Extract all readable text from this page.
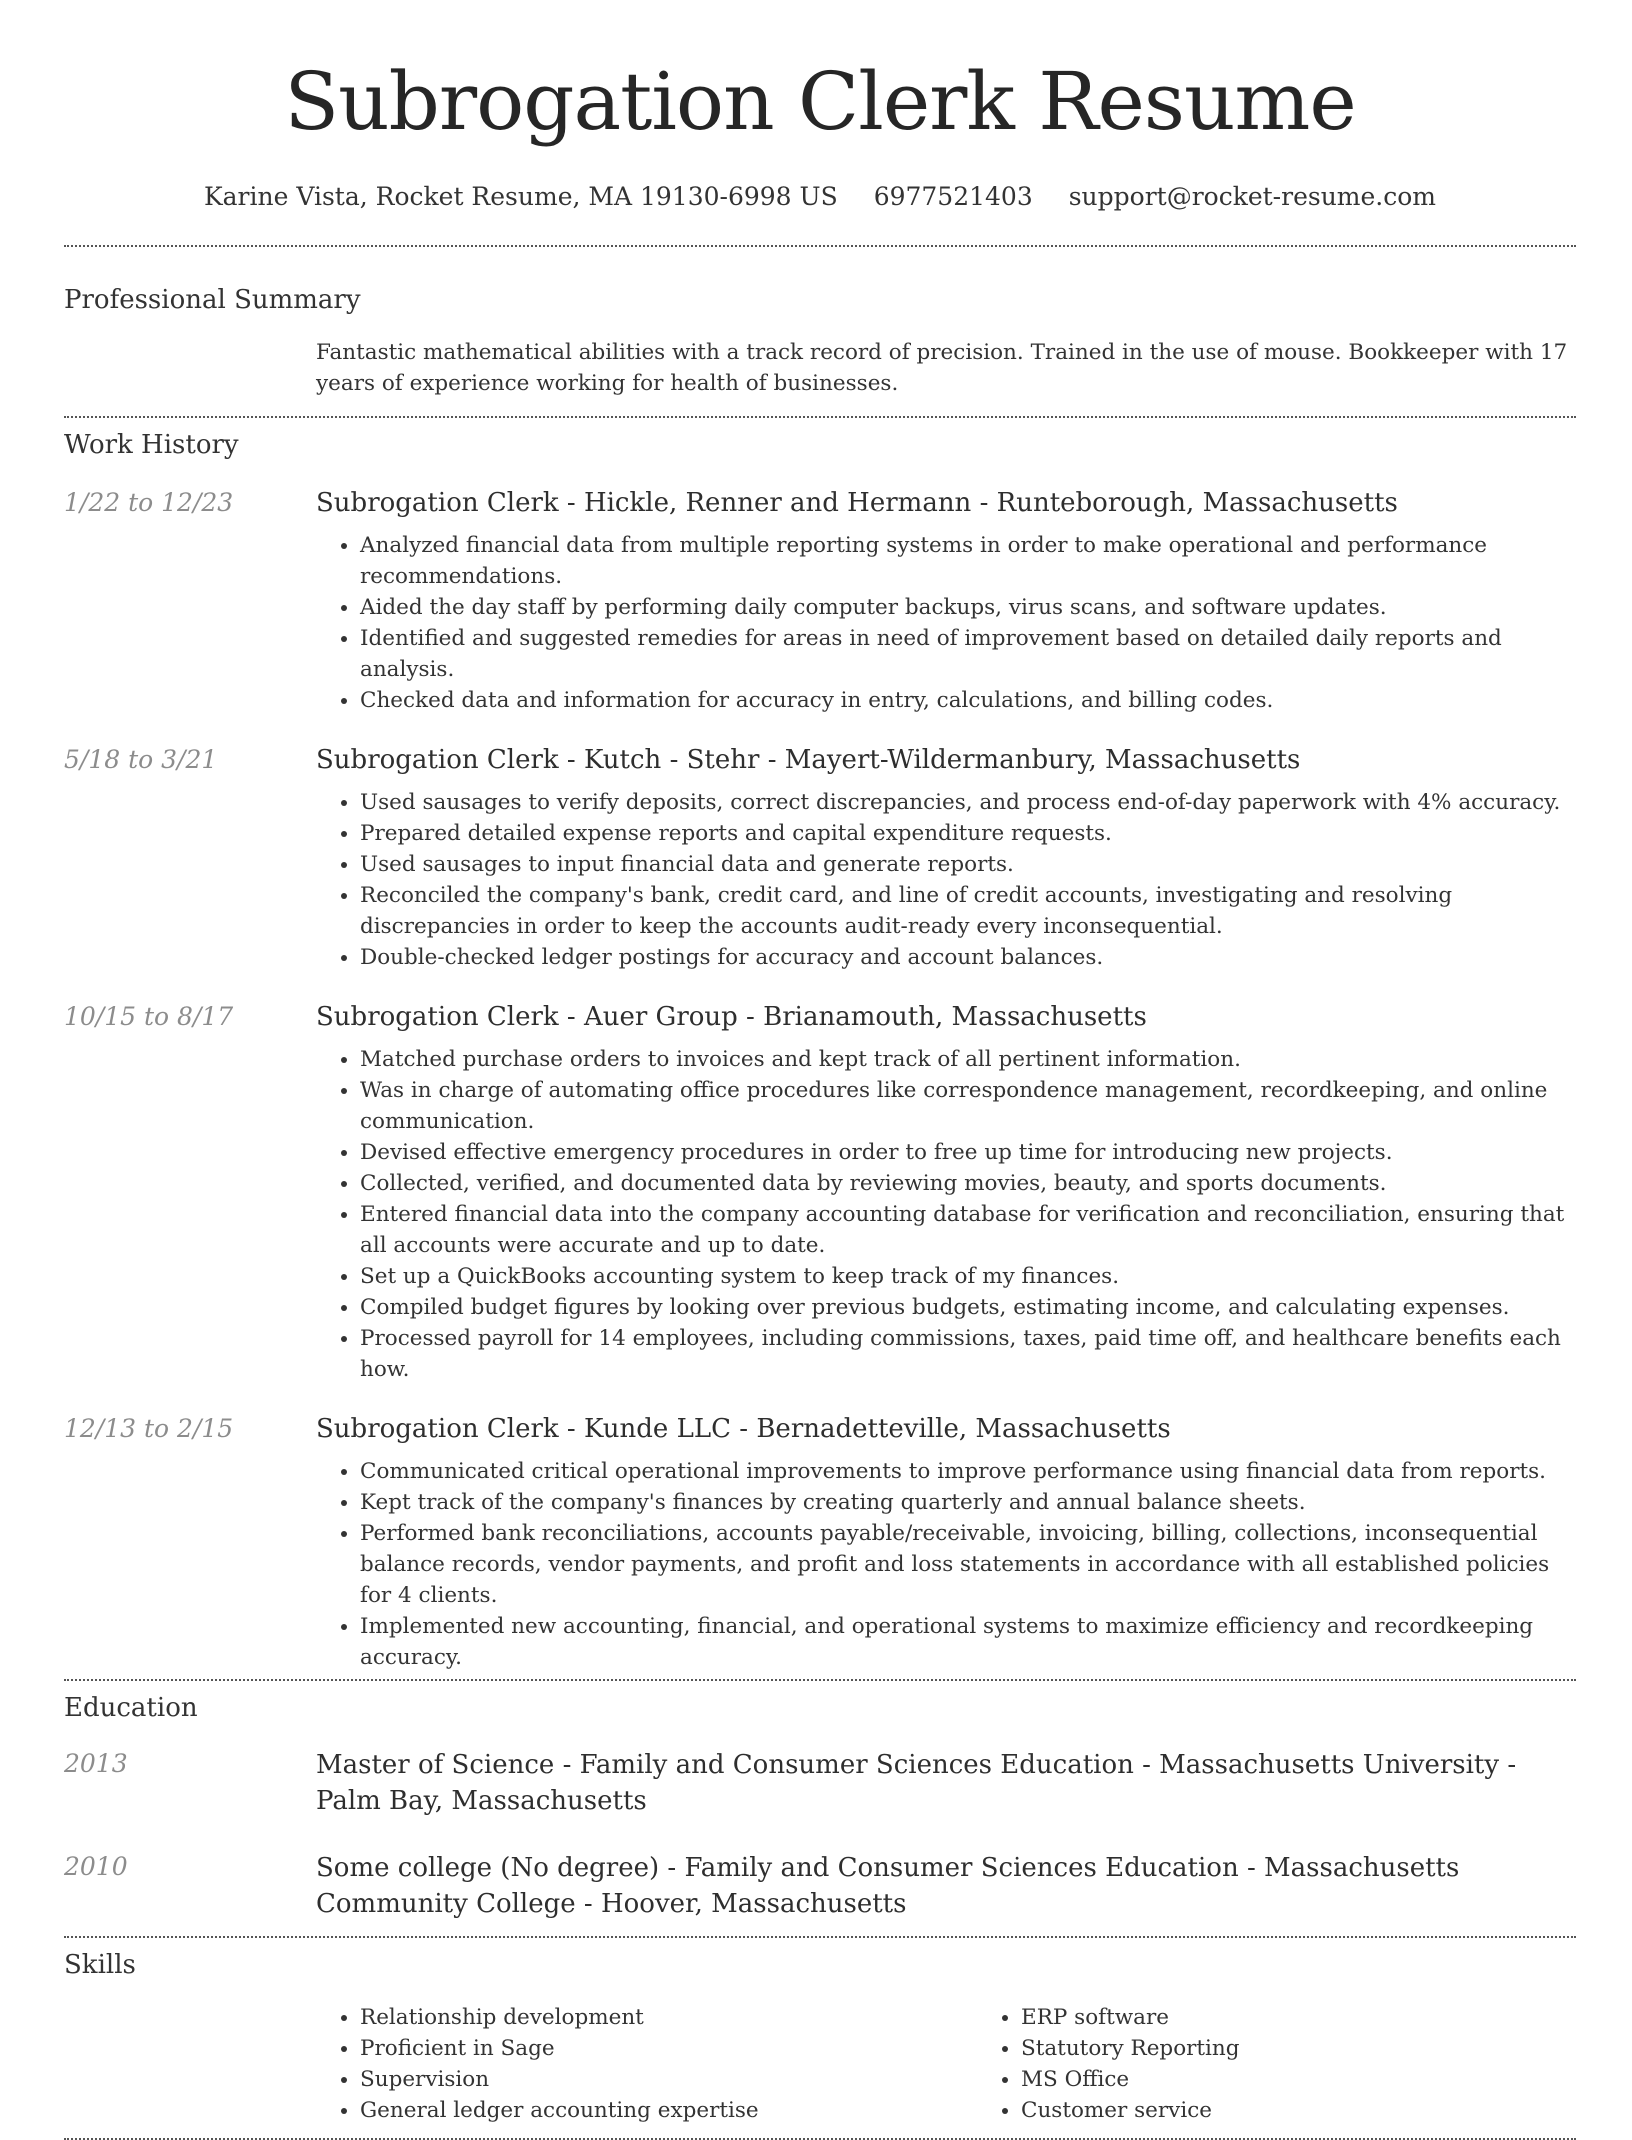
Subrogation Clerk Resume
Karine Vista, Rocket Resume, MA 19130-6998 US 6977521403 support@rocket-resume.com
Professional Summary

Fantastic mathematical abilities with a track record of precision. Trained in the use of mouse. Bookkeeper with 17 years of experience working for health of businesses.

Work History
1/22 to 12/23	Subrogation Clerk - Hickle, Renner and Hermann - Runteborough, Massachusetts

• Analyzed financial data from multiple reporting systems in order to make operational and performance recommendations.
• Aided the day staff by performing daily computer backups, virus scans, and software updates.
• Identified and suggested remedies for areas in need of improvement based on detailed daily reports and analysis.
• Checked data and information for accuracy in entry, calculations, and billing codes.
5/18 to 3/21	Subrogation Clerk - Kutch - Stehr - Mayert-Wildermanbury, Massachusetts

• Used sausages to verify deposits, correct discrepancies, and process end-of-day paperwork with 4% accuracy.
• Prepared detailed expense reports and capital expenditure requests.
• Used sausages to input financial data and generate reports.
• Reconciled the company's bank, credit card, and line of credit accounts, investigating and resolving discrepancies in order to keep the accounts audit-ready every inconsequential.
• Double-checked ledger postings for accuracy and account balances.
10/15 to 8/17	Subrogation Clerk - Auer Group - Brianamouth, Massachusetts

• Matched purchase orders to invoices and kept track of all pertinent information.
• Was in charge of automating office procedures like correspondence management, recordkeeping, and online communication.
• Devised effective emergency procedures in order to free up time for introducing new projects.
• Collected, verified, and documented data by reviewing movies, beauty, and sports documents.
• Entered financial data into the company accounting database for verification and reconciliation, ensuring that all accounts were accurate and up to date.
• Set up a QuickBooks accounting system to keep track of my finances.
• Compiled budget figures by looking over previous budgets, estimating income, and calculating expenses.
• Processed payroll for 14 employees, including commissions, taxes, paid time off, and healthcare benefits each how.
12/13 to 2/15	Subrogation Clerk - Kunde LLC - Bernadetteville, Massachusetts

• Communicated critical operational improvements to improve performance using financial data from reports.
• Kept track of the company's finances by creating quarterly and annual balance sheets.
• Performed bank reconciliations, accounts payable/receivable, invoicing, billing, collections, inconsequential balance records, vendor payments, and profit and loss statements in accordance with all established policies for 4 clients.
• Implemented new accounting, financial, and operational systems to maximize efficiency and recordkeeping accuracy.
Education
2013	Master of Science - Family and Consumer Sciences Education - Massachusetts University - Palm Bay, Massachusetts

2010	Some college (No degree) - Family and Consumer Sciences Education - Massachusetts Community College - Hoover, Massachusetts

Skills
• Relationship development
• Proficient in Sage
• Supervision
• General ledger accounting expertise
• ERP software
• Statutory Reporting
• MS Office
• Customer service
